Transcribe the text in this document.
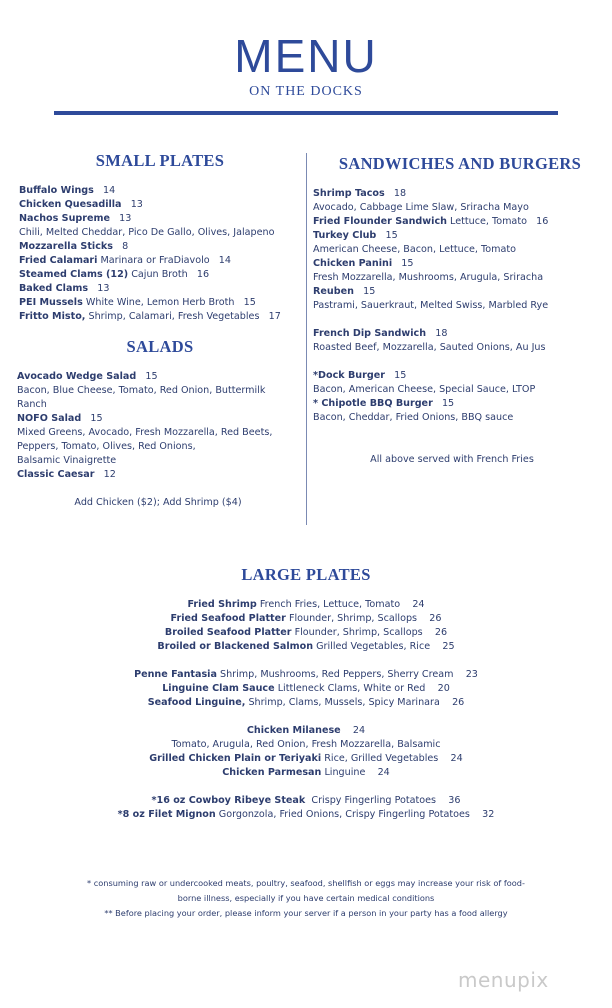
MENU
ON THE DOCKS
SMALL PLATES
Buffalo Wings 14
Chicken Quesadilla 13
Nachos Supreme 13
Chili, Melted Cheddar, Pico De Gallo, Olives, Jalapeno
Mozzarella Sticks 8
Fried Calamari Marinara or FraDiavolo 14
Steamed Clams (12) Cajun Broth 16
Baked Clams 13
PEI Mussels White Wine, Lemon Herb Broth 15
Fritto Misto, Shrimp, Calamari, Fresh Vegetables 17
SALADS
Avocado Wedge Salad 15
Bacon, Blue Cheese, Tomato, Red Onion, Buttermilk
Ranch
NOFO Salad 15
Mixed Greens, Avocado, Fresh Mozzarella, Red Beets,
Peppers, Tomato, Olives, Red Onions,
Balsamic Vinaigrette
Classic Caesar 12
Add Chicken ($2); Add Shrimp ($4)
SANDWICHES AND BURGERS
Shrimp Tacos 18
Avocado, Cabbage Lime Slaw, Sriracha Mayo
Fried Flounder Sandwich Lettuce, Tomato 16
Turkey Club 15
American Cheese, Bacon, Lettuce, Tomato
Chicken Panini 15
Fresh Mozzarella, Mushrooms, Arugula, Sriracha
Reuben 15
Pastrami, Sauerkraut, Melted Swiss, Marbled Rye
French Dip Sandwich 18
Roasted Beef, Mozzarella, Sauted Onions, Au Jus
*Dock Burger 15
Bacon, American Cheese, Special Sauce, LTOP
* Chipotle BBQ Burger 15
Bacon, Cheddar, Fried Onions, BBQ sauce
All above served with French Fries
LARGE PLATES
Fried Shrimp French Fries, Lettuce, Tomato 24
Fried Seafood Platter Flounder, Shrimp, Scallops 26
Broiled Seafood Platter Flounder, Shrimp, Scallops 26
Broiled or Blackened Salmon Grilled Vegetables, Rice 25
Penne Fantasia Shrimp, Mushrooms, Red Peppers, Sherry Cream 23
Linguine Clam Sauce Littleneck Clams, White or Red 20
Seafood Linguine, Shrimp, Clams, Mussels, Spicy Marinara 26
Chicken Milanese 24
Tomato, Arugula, Red Onion, Fresh Mozzarella, Balsamic
Grilled Chicken Plain or Teriyaki Rice, Grilled Vegetables 24
Chicken Parmesan Linguine 24
*16 oz Cowboy Ribeye Steak Crispy Fingerling Potatoes 36
*8 oz Filet Mignon Gorgonzola, Fried Onions, Crispy Fingerling Potatoes 32
* consuming raw or undercooked meats, poultry, seafood, shellfish or eggs may increase your risk of food-
borne illness, especially if you have certain medical conditions
** Before placing your order, please inform your server if a person in your party has a food allergy
menupix
